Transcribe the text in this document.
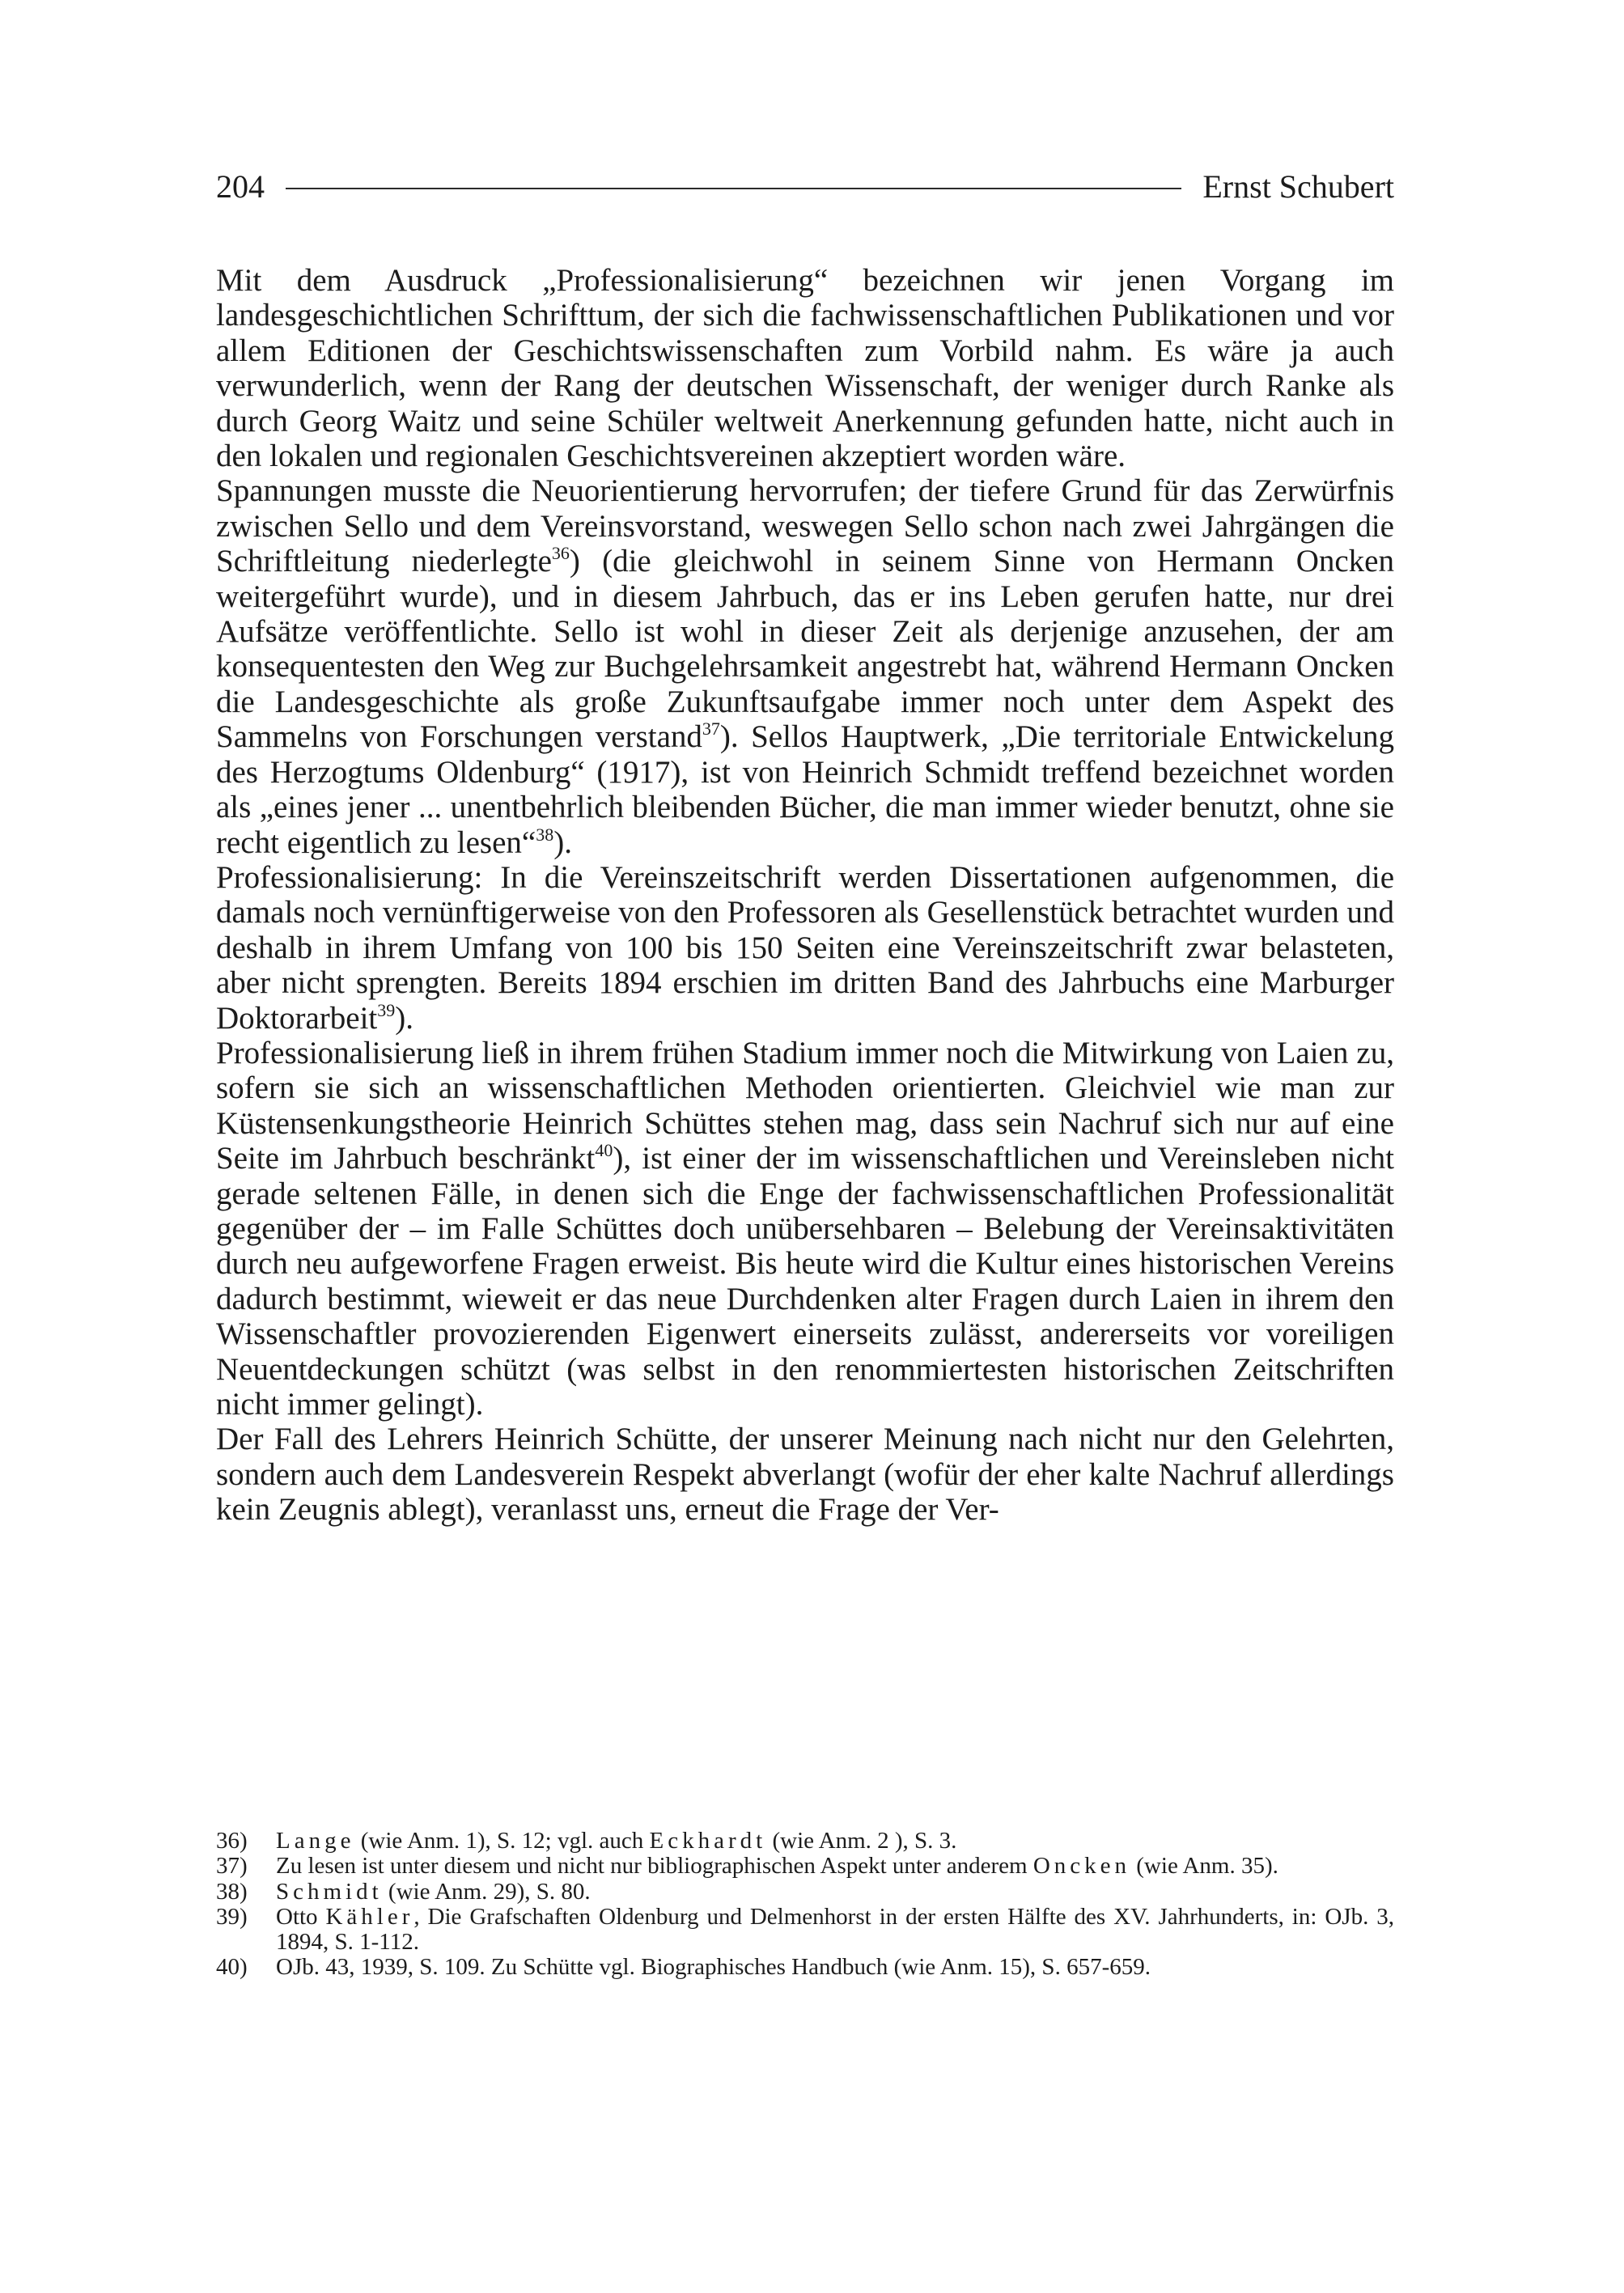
204	Ernst Schubert

Mit dem Ausdruck „Professionalisierung“ bezeichnen wir jenen Vorgang im landesgeschichtlichen Schrifttum, der sich die fachwissenschaftlichen Publikationen und vor allem Editionen der Geschichtswissenschaften zum Vorbild nahm. Es wäre ja auch verwunderlich, wenn der Rang der deutschen Wissenschaft, der weniger durch Ranke als durch Georg Waitz und seine Schüler weltweit Anerkennung gefunden hatte, nicht auch in den lokalen und regionalen Geschichtsvereinen akzeptiert worden wäre.

Spannungen musste die Neuorientierung hervorrufen; der tiefere Grund für das Zerwürfnis zwischen Sello und dem Vereinsvorstand, weswegen Sello schon nach zwei Jahrgängen die Schriftleitung niederlegte$^{36}$) (die gleichwohl in seinem Sinne von Hermann Oncken weitergeführt wurde), und in diesem Jahrbuch, das er ins Leben gerufen hatte, nur drei Aufsätze veröffentlichte. Sello ist wohl in dieser Zeit als derjenige anzusehen, der am konsequentesten den Weg zur Buchgelehrsamkeit angestrebt hat, während Hermann Oncken die Landesgeschichte als große Zukunftsaufgabe immer noch unter dem Aspekt des Sammelns von Forschungen verstand$^{37}$). Sellos Hauptwerk, „Die territoriale Entwickelung des Herzogtums Oldenburg“ (1917), ist von Heinrich Schmidt treffend bezeichnet worden als „eines jener ... unentbehrlich bleibenden Bücher, die man immer wieder benutzt, ohne sie recht eigentlich zu lesen“$^{38}$).

Professionalisierung: In die Vereinszeitschrift werden Dissertationen aufgenommen, die damals noch vernünftigerweise von den Professoren als Gesellenstück betrachtet wurden und deshalb in ihrem Umfang von 100 bis 150 Seiten eine Vereinszeitschrift zwar belasteten, aber nicht sprengten. Bereits 1894 erschien im dritten Band des Jahrbuchs eine Marburger Doktorarbeit$^{39}$).

Professionalisierung ließ in ihrem frühen Stadium immer noch die Mitwirkung von Laien zu, sofern sie sich an wissenschaftlichen Methoden orientierten. Gleichviel wie man zur Küstensenkungstheorie Heinrich Schüttes stehen mag, dass sein Nachruf sich nur auf eine Seite im Jahrbuch beschränkt$^{40}$), ist einer der im wissenschaftlichen und Vereinsleben nicht gerade seltenen Fälle, in denen sich die Enge der fachwissenschaftlichen Professionalität gegenüber der – im Falle Schüttes doch unübersehbaren – Belebung der Vereinsaktivitäten durch neu aufgeworfene Fragen erweist. Bis heute wird die Kultur eines historischen Vereins dadurch bestimmt, wieweit er das neue Durchdenken alter Fragen durch Laien in ihrem den Wissenschaftler provozierenden Eigenwert einerseits zulässt, andererseits vor voreiligen Neuentdeckungen schützt (was selbst in den renommiertesten historischen Zeitschriften nicht immer gelingt).

Der Fall des Lehrers Heinrich Schütte, der unserer Meinung nach nicht nur den Gelehrten, sondern auch dem Landesverein Respekt abverlangt (wofür der eher kalte Nachruf allerdings kein Zeugnis ablegt), veranlasst uns, erneut die Frage der Ver-

36)	Lange (wie Anm. 1), S. 12; vgl. auch Eckhardt (wie Anm. 2 ), S. 3.
37)	Zu lesen ist unter diesem und nicht nur bibliographischen Aspekt unter anderem Oncken (wie Anm. 35).
38)	Schmidt (wie Anm. 29), S. 80.
39)	Otto Kähler, Die Grafschaften Oldenburg und Delmenhorst in der ersten Hälfte des XV. Jahrhunderts, in: OJb. 3, 1894, S. 1-112.
40)	OJb. 43, 1939, S. 109. Zu Schütte vgl. Biographisches Handbuch (wie Anm. 15), S. 657-659.
